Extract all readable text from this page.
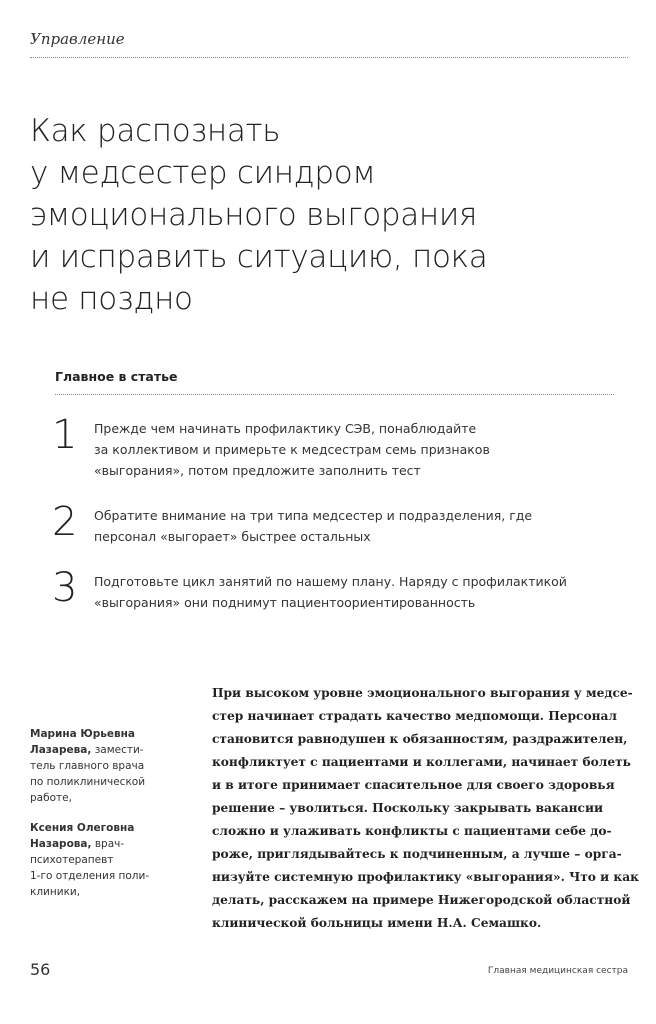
Управление
Как распознать
у медсестер синдром
эмоционального выгорания
и исправить ситуацию, пока
не поздно
Главное в статье
1	Прежде чем начинать профилактику СЭВ, понаблюдайте
за коллективом и примерьте к медсестрам семь признаков
«выгорания», потом предложите заполнить тест
2	Обратите внимание на три типа медсестер и подразделения, где
персонал «выгорает» быстрее остальных
3	Подготовьте цикл занятий по нашему плану. Наряду с профилактикой
«выгорания» они поднимут пациентоориентированность
Марина Юрьевна
Лазарева, замести-
тель главного врача
по поликлинической
работе,
Ксения Олеговна
Назарова, врач-
психотерапевт
1-го отделения поли-
клиники,
При высоком уровне эмоционального выгорания у медсе-
стер начинает страдать качество медпомощи. Персонал
становится равнодушен к обязанностям, раздражителен,
конфликтует с пациентами и коллегами, начинает болеть
и в итоге принимает спасительное для своего здоровья
решение – уволиться. Поскольку закрывать вакансии
сложно и улаживать конфликты с пациентами себе до-
роже, приглядывайтесь к подчиненным, а лучше – орга-
низуйте системную профилактику «выгорания». Что и как
делать, расскажем на примере Нижегородской областной
клинической больницы имени Н.А. Семашко.
56	Главная медицинская сестра
